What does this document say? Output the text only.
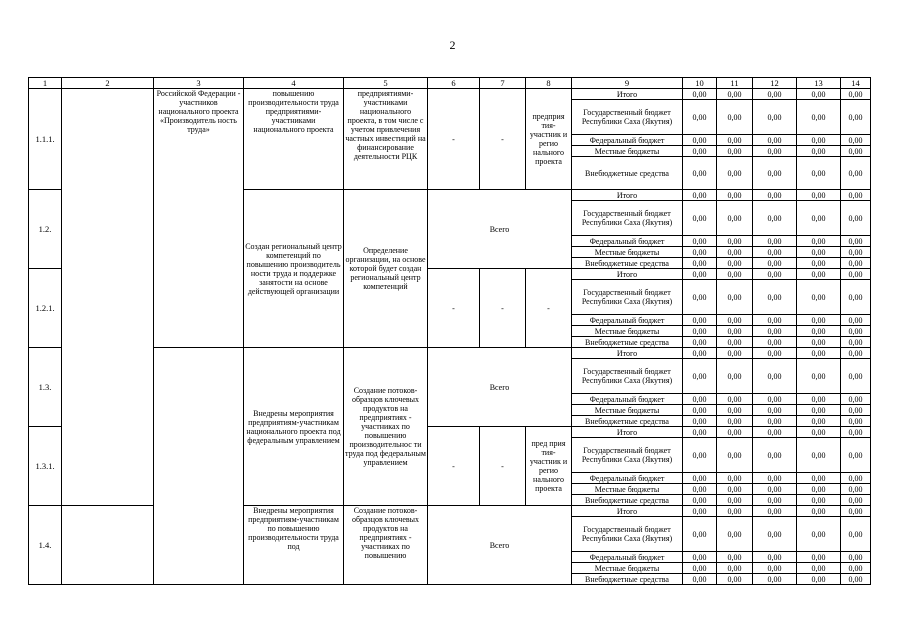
2
1	2	3	4	5	6	7	8	9	10	11	12	13	14
1.1.1.		Российской Федерации - участников национального проекта «Производитель ность труда»	повышению производительности труда предприятиями-участниками национального проекта	предприятиями-участниками национального проекта, в том числе с учетом привлечения частных инвестиций на финансирование деятельности РЦК	-	-	предприя тия-участник и регио нального проекта	Итого	0,00	0,00	0,00	0,00	0,00
								Государственный бюджет Республики Саха (Якутия)	0,00	0,00	0,00	0,00	0,00
								Федеральный бюджет	0,00	0,00	0,00	0,00	0,00
								Местные бюджеты	0,00	0,00	0,00	0,00	0,00
								Внебюджетные средства	0,00	0,00	0,00	0,00	0,00
1.2.			Создан региональный центр компетенций по повышению производитель ности труда и поддержке занятости на основе действующей организации	Определение организации, на основе которой будет создан региональный центр компетенций	Всего			Итого	0,00	0,00	0,00	0,00	0,00
								Государственный бюджет Республики Саха (Якутия)	0,00	0,00	0,00	0,00	0,00
								Федеральный бюджет	0,00	0,00	0,00	0,00	0,00
								Местные бюджеты	0,00	0,00	0,00	0,00	0,00
								Внебюджетные средства	0,00	0,00	0,00	0,00	0,00
1.2.1.					-	-	-	Итого	0,00	0,00	0,00	0,00	0,00
								Государственный бюджет Республики Саха (Якутия)	0,00	0,00	0,00	0,00	0,00
								Федеральный бюджет	0,00	0,00	0,00	0,00	0,00
								Местные бюджеты	0,00	0,00	0,00	0,00	0,00
								Внебюджетные средства	0,00	0,00	0,00	0,00	0,00
1.3.			Внедрены мероприятия предприятиям-участникам национального проекта под федеральным управлением	Создание потоков-образцов ключевых продуктов на предприятиях - участниках по повышению производительнос ти труда под федеральным управлением	Всего			Итого	0,00	0,00	0,00	0,00	0,00
								Государственный бюджет Республики Саха (Якутия)	0,00	0,00	0,00	0,00	0,00
								Федеральный бюджет	0,00	0,00	0,00	0,00	0,00
								Местные бюджеты	0,00	0,00	0,00	0,00	0,00
								Внебюджетные средства	0,00	0,00	0,00	0,00	0,00
1.3.1.					-	-	пред прия тия-участник и регио нального проекта	Итого	0,00	0,00	0,00	0,00	0,00
								Государственный бюджет Республики Саха (Якутия)	0,00	0,00	0,00	0,00	0,00
								Федеральный бюджет	0,00	0,00	0,00	0,00	0,00
								Местные бюджеты	0,00	0,00	0,00	0,00	0,00
								Внебюджетные средства	0,00	0,00	0,00	0,00	0,00
1.4.			Внедрены мероприятия предприятиям-участникам по повышению производительности труда под	Создание потоков-образцов ключевых продуктов на предприятиях - участниках по повышению	Всего			Итого	0,00	0,00	0,00	0,00	0,00
								Государственный бюджет Республики Саха (Якутия)	0,00	0,00	0,00	0,00	0,00
								Федеральный бюджет	0,00	0,00	0,00	0,00	0,00
								Местные бюджеты	0,00	0,00	0,00	0,00	0,00
								Внебюджетные средства	0,00	0,00	0,00	0,00	0,00
